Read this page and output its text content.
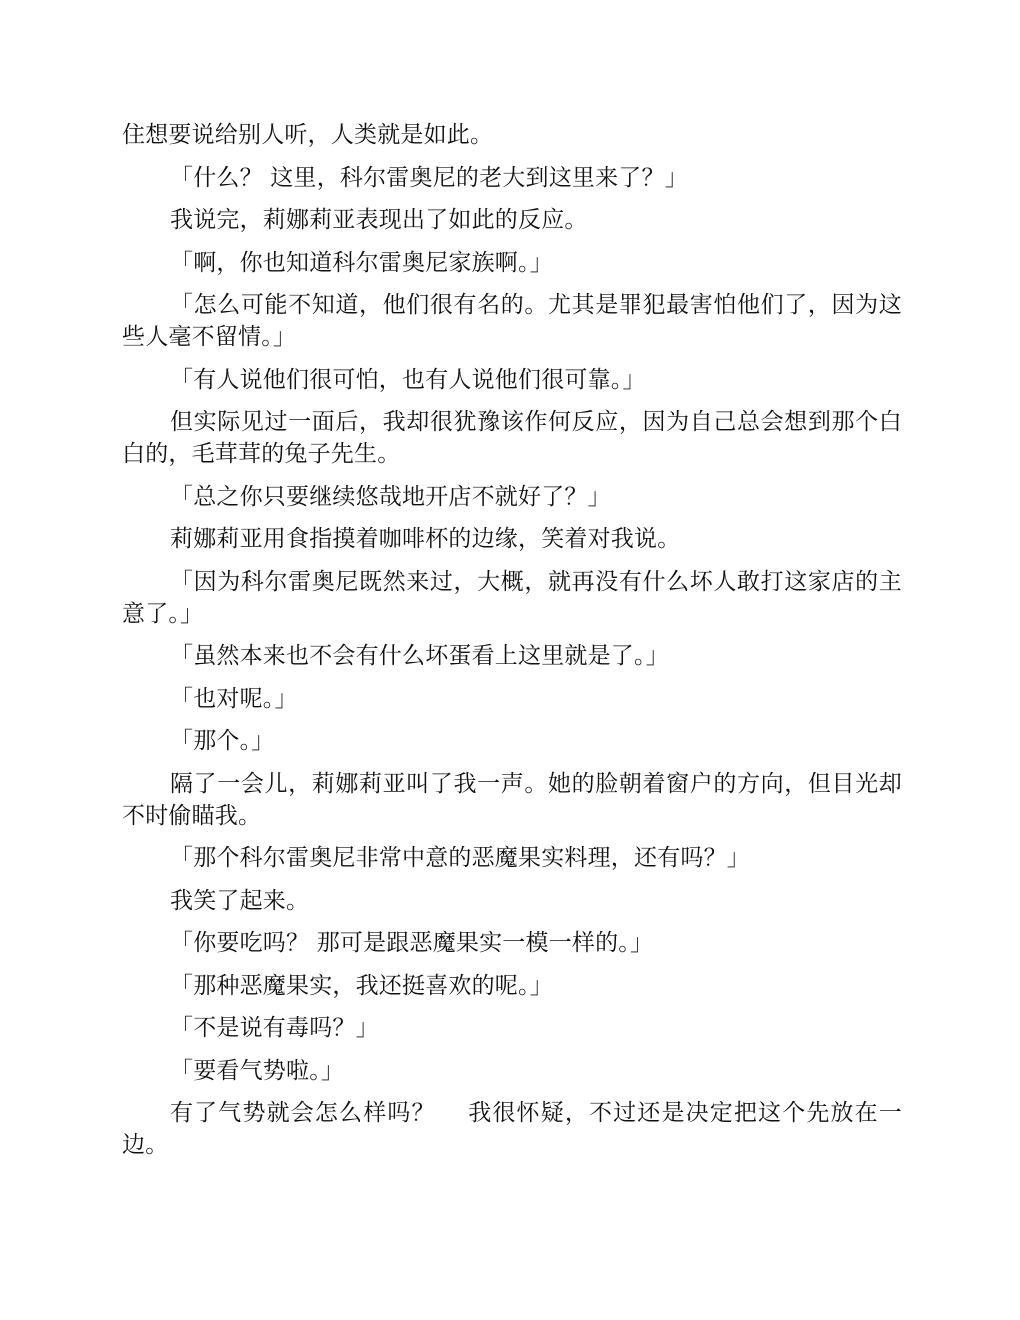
住想要说给别人听，人类就是如此。

「什么？ 这里，科尔雷奥尼的老大到这里来了？」

我说完，莉娜莉亚表现出了如此的反应。

「啊，你也知道科尔雷奥尼家族啊。」

「怎么可能不知道，他们很有名的。尤其是罪犯最害怕他们了，因为这些人毫不留情。」

「有人说他们很可怕，也有人说他们很可靠。」

但实际见过一面后，我却很犹豫该作何反应，因为自己总会想到那个白白的，毛茸茸的兔子先生。

「总之你只要继续悠哉地开店不就好了？」

莉娜莉亚用食指摸着咖啡杯的边缘，笑着对我说。

「因为科尔雷奥尼既然来过，大概，就再没有什么坏人敢打这家店的主意了。」

「虽然本来也不会有什么坏蛋看上这里就是了。」

「也对呢。」

「那个。」

隔了一会儿，莉娜莉亚叫了我一声。她的脸朝着窗户的方向，但目光却不时偷瞄我。

「那个科尔雷奥尼非常中意的恶魔果实料理，还有吗？」

我笑了起来。

「你要吃吗？ 那可是跟恶魔果实一模一样的。」

「那种恶魔果实，我还挺喜欢的呢。」

「不是说有毒吗？」

「要看气势啦。」

有了气势就会怎么样吗？　 我很怀疑，不过还是决定把这个先放在一边。
